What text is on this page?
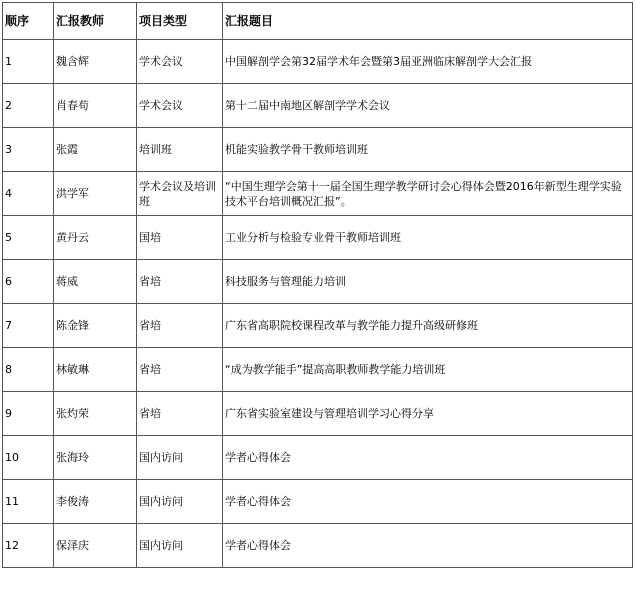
顺序	汇报教师	项目类型	汇报题目
1	魏含辉	学术会议	中国解剖学会第32届学术年会暨第3届亚洲临床解剖学大会汇报
2	肖春苟	学术会议	第十二届中南地区解剖学学术会议
3	张霞	培训班	机能实验教学骨干教师培训班
4	洪学军	学术会议及培训班	“中国生理学会第十一届全国生理学教学研讨会心得体会暨2016年新型生理学实验技术平台培训概况汇报”。
5	黄丹云	国培	工业分析与检验专业骨干教师培训班
6	蒋威	省培	科技服务与管理能力培训
7	陈金锋	省培	广东省高职院校课程改革与教学能力提升高级研修班
8	林敏琳	省培	“成为教学能手”提高高职教师教学能力培训班
9	张灼荣	省培	广东省实验室建设与管理培训学习心得分享
10	张海玲	国内访问	学者心得体会
11	李俊涛	国内访问	学者心得体会
12	保泽庆	国内访问	学者心得体会
